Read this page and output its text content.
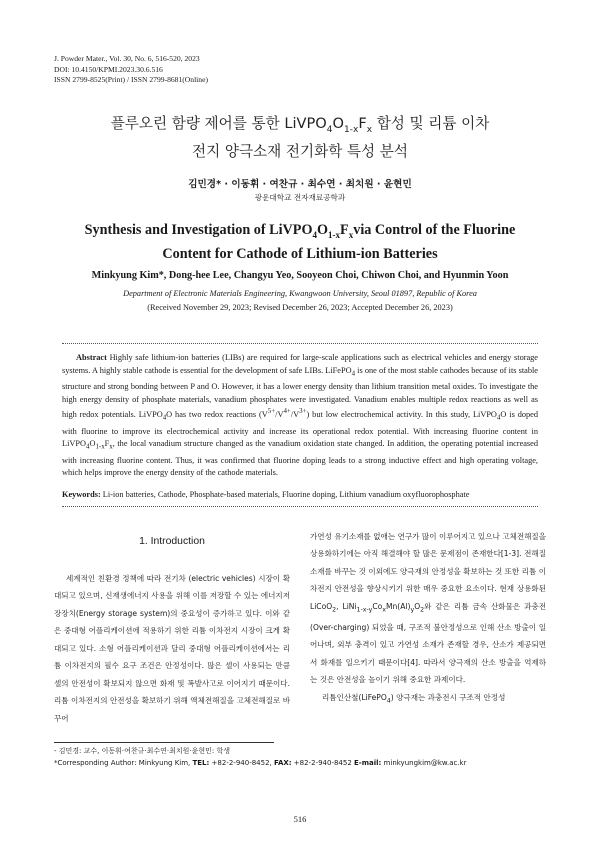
J. Powder Mater., Vol. 30, No. 6, 516-520, 2023
DOI: 10.4150/KPMI.2023.30.6.516
ISSN 2799-8525(Print) / ISSN 2799-8681(Online)
플루오린 함량 제어를 통한 $LiVPO_4O_{1-x}F_x$ 합성 및 리튬 이차
전지 양극소재 전기화학 특성 분석
김민경* · 이동휘 · 여찬규 · 최수연 · 최치원 · 윤현민
광운대학교 전자재료공학과
Synthesis and Investigation of $LiVPO_4O_{1-x}F_xvia$ Control of the Fluorine
Content for Cathode of Lithium-ion Batteries
Minkyung Kim*, Dong-hee Lee, Changyu Yeo, Sooyeon Choi, Chiwon Choi, and Hyunmin Yoon
Department of Electronic Materials Engineering, Kwangwoon University, Seoul 01897, Republic of Korea
(Received November 29, 2023; Revised December 26, 2023; Accepted December 26, 2023)
Abstract Highly safe lithium-ion batteries (LIBs) are required for large-scale applications such as electrical vehicles and energy storage systems. A highly stable cathode is essential for the development of safe LIBs. LiFePO$_4$ is one of the most stable cathodes because of its stable structure and strong bonding between P and O. However, it has a lower energy density than lithium transition metal oxides. To investigate the high energy density of phosphate materials, vanadium phosphates were investigated. Vanadium enables multiple redox reactions as well as high redox potentials. LiVPO$_4$O has two redox reactions $(V^{5+}/V^{4+}/V^{3+})$ but low electrochemical activity. In this study, LiVPO$_4$O is doped with fluorine to improve its electrochemical activity and increase its operational redox potential. With increasing fluorine content in $LiVPO_4O_{1-x}F_x$, the local vanadium structure changed as the vanadium oxidation state changed. In addition, the operating potential increased with increasing fluorine content. Thus, it was confirmed that fluorine doping leads to a strong inductive effect and high operating voltage, which helps improve the energy density of the cathode materials.
Keywords: Li-ion batteries, Cathode, Phosphate-based materials, Fluorine doping, Lithium vanadium oxyfluorophosphate
1. Introduction

세계적인 친환경 정책에 따라 전기차 (electric vehicles) 시장이 확대되고 있으며, 신재생에너지 사용을 위해 이를 저장할 수 있는 에너지저장장치(Energy storage system)의 중요성이 증가하고 있다. 이와 같은 중대형 어플리케이션에 적용하기 위한 리튬 이차전지 시장이 크게 확대되고 있다. 소형 어플리케이션과 달리 중대형 어플리케이션에서는 리튬 이차전지의 필수 요구 조건은 안정성이다. 많은 셀이 사용되는 만큼 셀의 안전성이 확보되지 않으면 화재 및 폭발사고로 이어지기 때문이다. 리튬 이차전지의 안전성을 확보하기 위해 액체전해질을 고체전해질로 바꾸어

가연성 유기소재를 없애는 연구가 많이 이루어지고 있으나 고체전해질을 상용화하기에는 아직 해결해야 할 많은 문제점이 존재한다[1-3]. 전해질 소재를 바꾸는 것 이외에도 양극재의 안정성을 확보하는 것 또한 리튬 이차전지 안전성을 향상시키기 위한 매우 중요한 요소이다. 현재 상용화된 LiCoO$_2$, $LiNi_{1-x-y}Co_xMn(Al)_yO_2$와 같은 리튬 금속 산화물은 과충전(Over-charging) 되었을 때, 구조적 불안정성으로 인해 산소 방출이 일어나며, 외부 충격이 있고 가연성 소재가 존재할 경우, 산소가 제공되면서 화재를 일으키기 때문이다[4]. 따라서 양극재의 산소 방출을 억제하는 것은 안전성을 높이기 위해 중요한 과제이다.

리튬인산철(LiFePO$_4$) 양극재는 과충전시 구조적 안정성

- 김민경: 교수, 이동휘·여찬규·최수연·최치원·윤현민: 학생
*Corresponding Author: Minkyung Kim, TEL: +82-2-940-8452, FAX: +82-2-940-8452 E-mail: minkyungkim@kw.ac.kr
516
